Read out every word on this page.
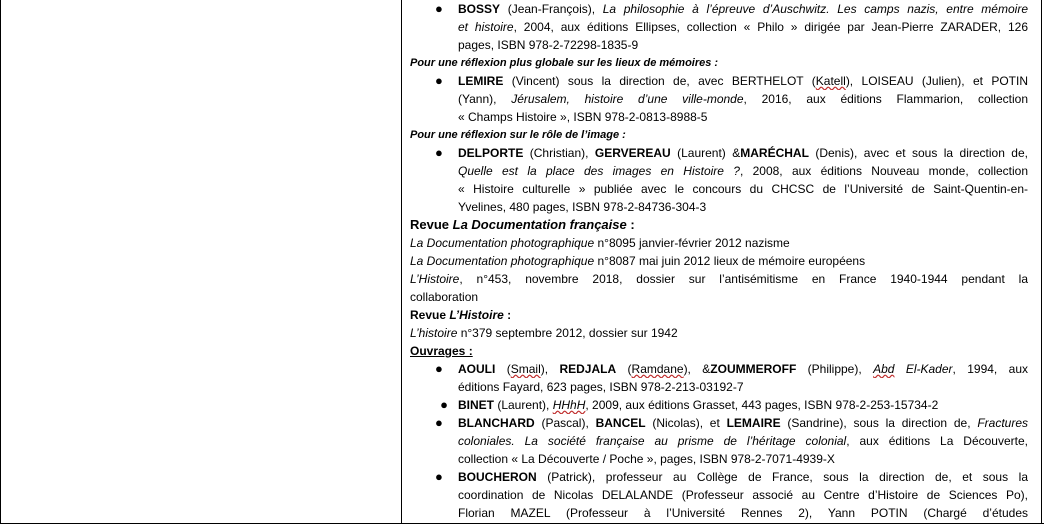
●	BOSSY (Jean-François), La philosophie à l’épreuve d’Auschwitz. Les camps nazis, entre mémoire
et histoire, 2004, aux éditions Ellipses, collection « Philo » dirigée par Jean-Pierre ZARADER, 126
pages, ISBN 978-2-72298-1835-9
Pour une réflexion plus globale sur les lieux de mémoires :
●	LEMIRE (Vincent) sous la direction de, avec BERTHELOT (Katell), LOISEAU (Julien), et POTIN
(Yann), Jérusalem, histoire d’une ville-monde, 2016, aux éditions Flammarion, collection
« Champs Histoire », ISBN 978-2-0813-8988-5
Pour une réflexion sur le rôle de l’image :
●	DELPORTE (Christian), GERVEREAU (Laurent) &MARÉCHAL (Denis), avec et sous la direction de,
Quelle est la place des images en Histoire ?, 2008, aux éditions Nouveau monde, collection
« Histoire culturelle » publiée avec le concours du CHCSC de l’Université de Saint-Quentin-en-
Yvelines, 480 pages, ISBN 978-2-84736-304-3
Revue La Documentation française :
La Documentation photographique n°8095 janvier-février 2012 nazisme
La Documentation photographique n°8087 mai juin 2012 lieux de mémoire européens
L’Histoire, n°453, novembre 2018, dossier sur l’antisémitisme en France 1940-1944 pendant la
collaboration
Revue L’Histoire :
L’histoire n°379 septembre 2012, dossier sur 1942
Ouvrages :
●	AOULI (Smail), REDJALA (Ramdane), &ZOUMMEROFF (Philippe), Abd El-Kader, 1994, aux
éditions Fayard, 623 pages, ISBN 978-2-213-03192-7
● BINET (Laurent), HHhH, 2009, aux éditions Grasset, 443 pages, ISBN 978-2-253-15734-2
●	BLANCHARD (Pascal), BANCEL (Nicolas), et LEMAIRE (Sandrine), sous la direction de, Fractures
coloniales. La société française au prisme de l’héritage colonial, aux éditions La Découverte,
collection « La Découverte / Poche », pages, ISBN 978-2-7071-4939-X
●	BOUCHERON (Patrick), professeur au Collège de France, sous la direction de, et sous la
coordination de Nicolas DELALANDE (Professeur associé au Centre d’Histoire de Sciences Po),
Florian MAZEL (Professeur à l’Université Rennes 2), Yann POTIN (Chargé d’études
